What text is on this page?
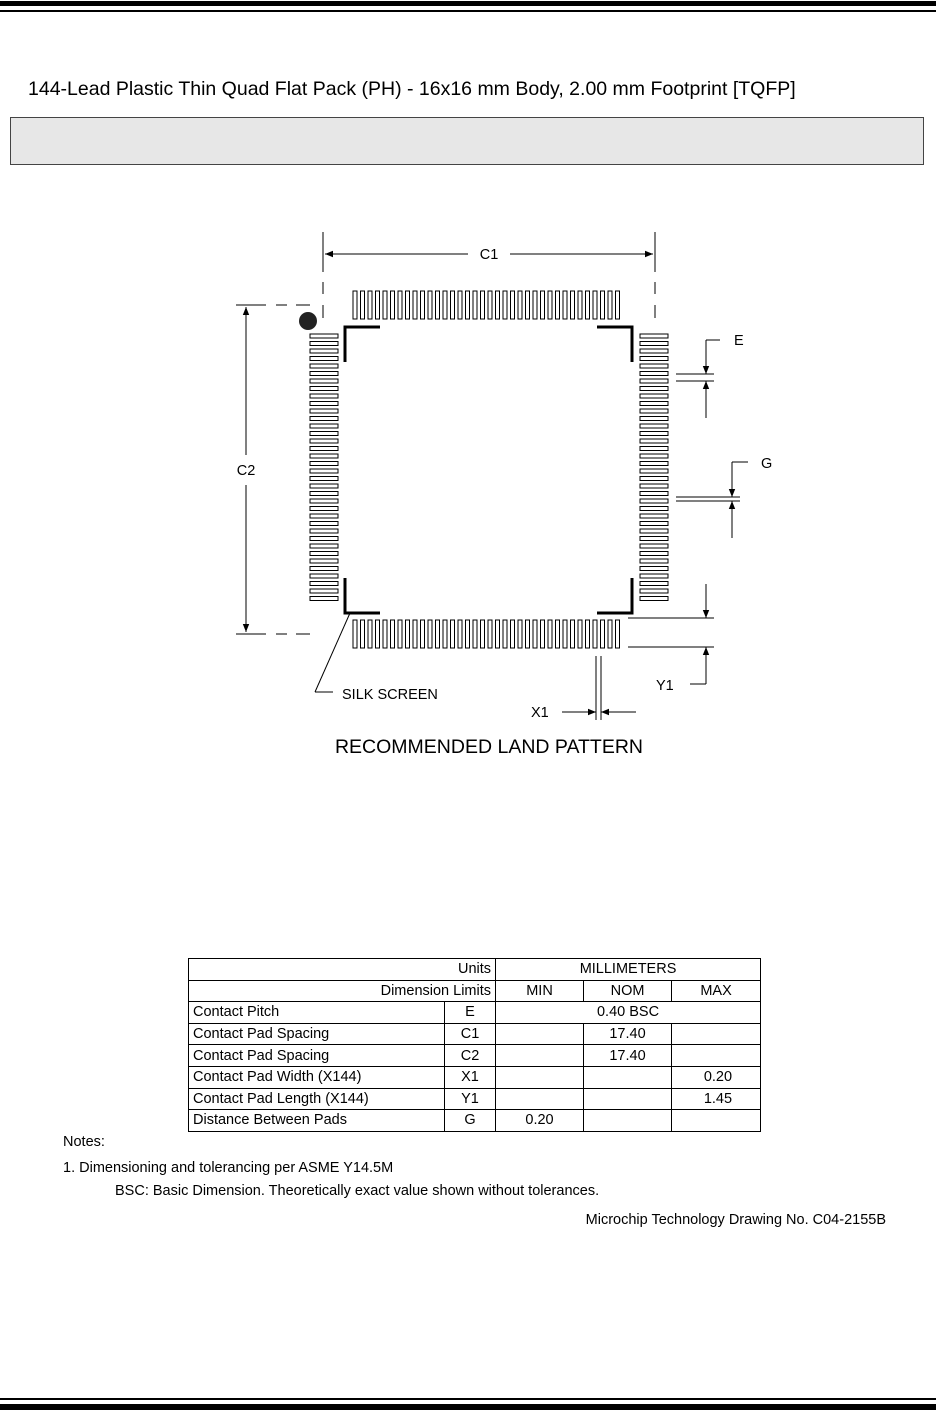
144-Lead Plastic Thin Quad Flat Pack (PH) - 16x16 mm Body, 2.00 mm Footprint [TQFP]
C1
C2
E
G
Y1
X1
SILK SCREEN
RECOMMENDED LAND PATTERN
Units		MILLIMETERS		
Dimension Limits		MIN	NOM	MAX
Contact Pitch	E	0.40 BSC		
Contact Pad Spacing	C1		17.40	
Contact Pad Spacing	C2		17.40	
Contact Pad Width (X144)	X1			0.20
Contact Pad Length (X144)	Y1			1.45
Distance Between Pads	G	0.20		
Notes:
1. Dimensioning and tolerancing per ASME Y14.5M
BSC: Basic Dimension. Theoretically exact value shown without tolerances.
Microchip Technology Drawing No. C04-2155B
